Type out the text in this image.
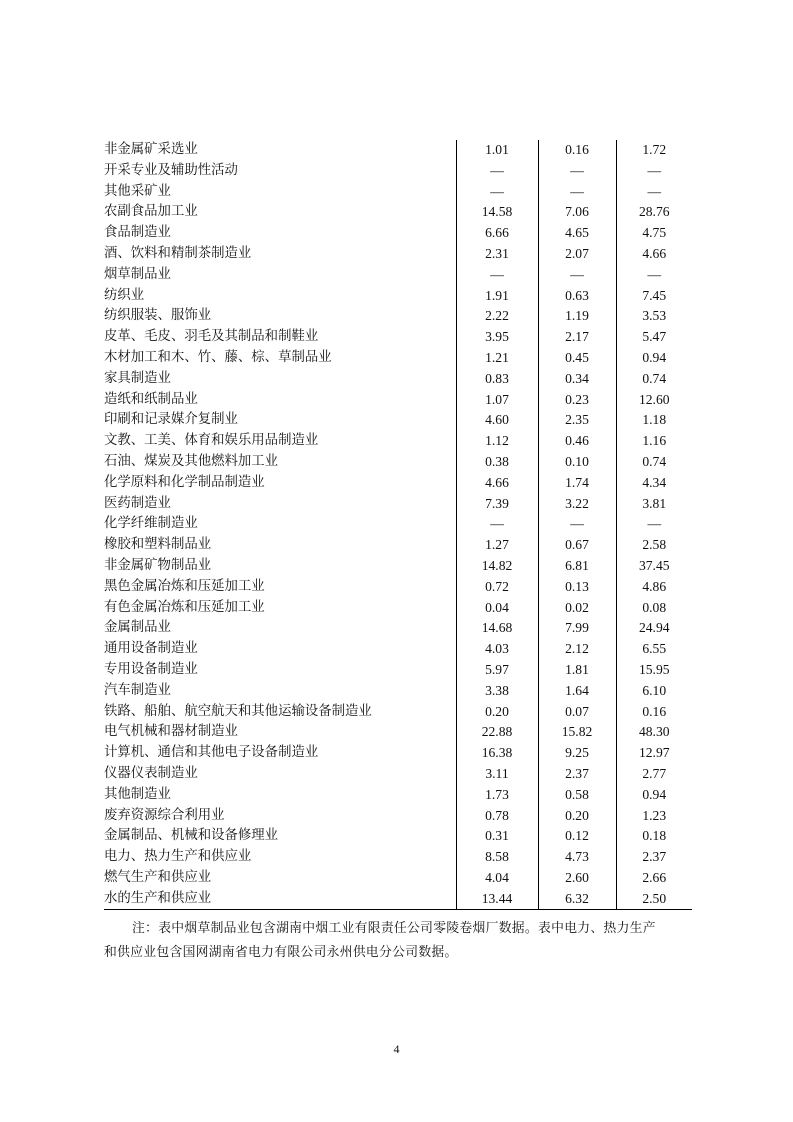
非金属矿采选业	1.01	0.16	1.72
开采专业及辅助性活动	—	—	—
其他采矿业	—	—	—
农副食品加工业	14.58	7.06	28.76
食品制造业	6.66	4.65	4.75
酒、饮料和精制茶制造业	2.31	2.07	4.66
烟草制品业	—	—	—
纺织业	1.91	0.63	7.45
纺织服装、服饰业	2.22	1.19	3.53
皮革、毛皮、羽毛及其制品和制鞋业	3.95	2.17	5.47
木材加工和木、竹、藤、棕、草制品业	1.21	0.45	0.94
家具制造业	0.83	0.34	0.74
造纸和纸制品业	1.07	0.23	12.60
印刷和记录媒介复制业	4.60	2.35	1.18
文教、工美、体育和娱乐用品制造业	1.12	0.46	1.16
石油、煤炭及其他燃料加工业	0.38	0.10	0.74
化学原料和化学制品制造业	4.66	1.74	4.34
医药制造业	7.39	3.22	3.81
化学纤维制造业	—	—	—
橡胶和塑料制品业	1.27	0.67	2.58
非金属矿物制品业	14.82	6.81	37.45
黑色金属冶炼和压延加工业	0.72	0.13	4.86
有色金属冶炼和压延加工业	0.04	0.02	0.08
金属制品业	14.68	7.99	24.94
通用设备制造业	4.03	2.12	6.55
专用设备制造业	5.97	1.81	15.95
汽车制造业	3.38	1.64	6.10
铁路、船舶、航空航天和其他运输设备制造业	0.20	0.07	0.16
电气机械和器材制造业	22.88	15.82	48.30
计算机、通信和其他电子设备制造业	16.38	9.25	12.97
仪器仪表制造业	3.11	2.37	2.77
其他制造业	1.73	0.58	0.94
废弃资源综合利用业	0.78	0.20	1.23
金属制品、机械和设备修理业	0.31	0.12	0.18
电力、热力生产和供应业	8.58	4.73	2.37
燃气生产和供应业	4.04	2.60	2.66
水的生产和供应业	13.44	6.32	2.50

注：表中烟草制品业包含湖南中烟工业有限责任公司零陵卷烟厂数据。表中电力、热力生产

和供应业包含国网湖南省电力有限公司永州供电分公司数据。

4
